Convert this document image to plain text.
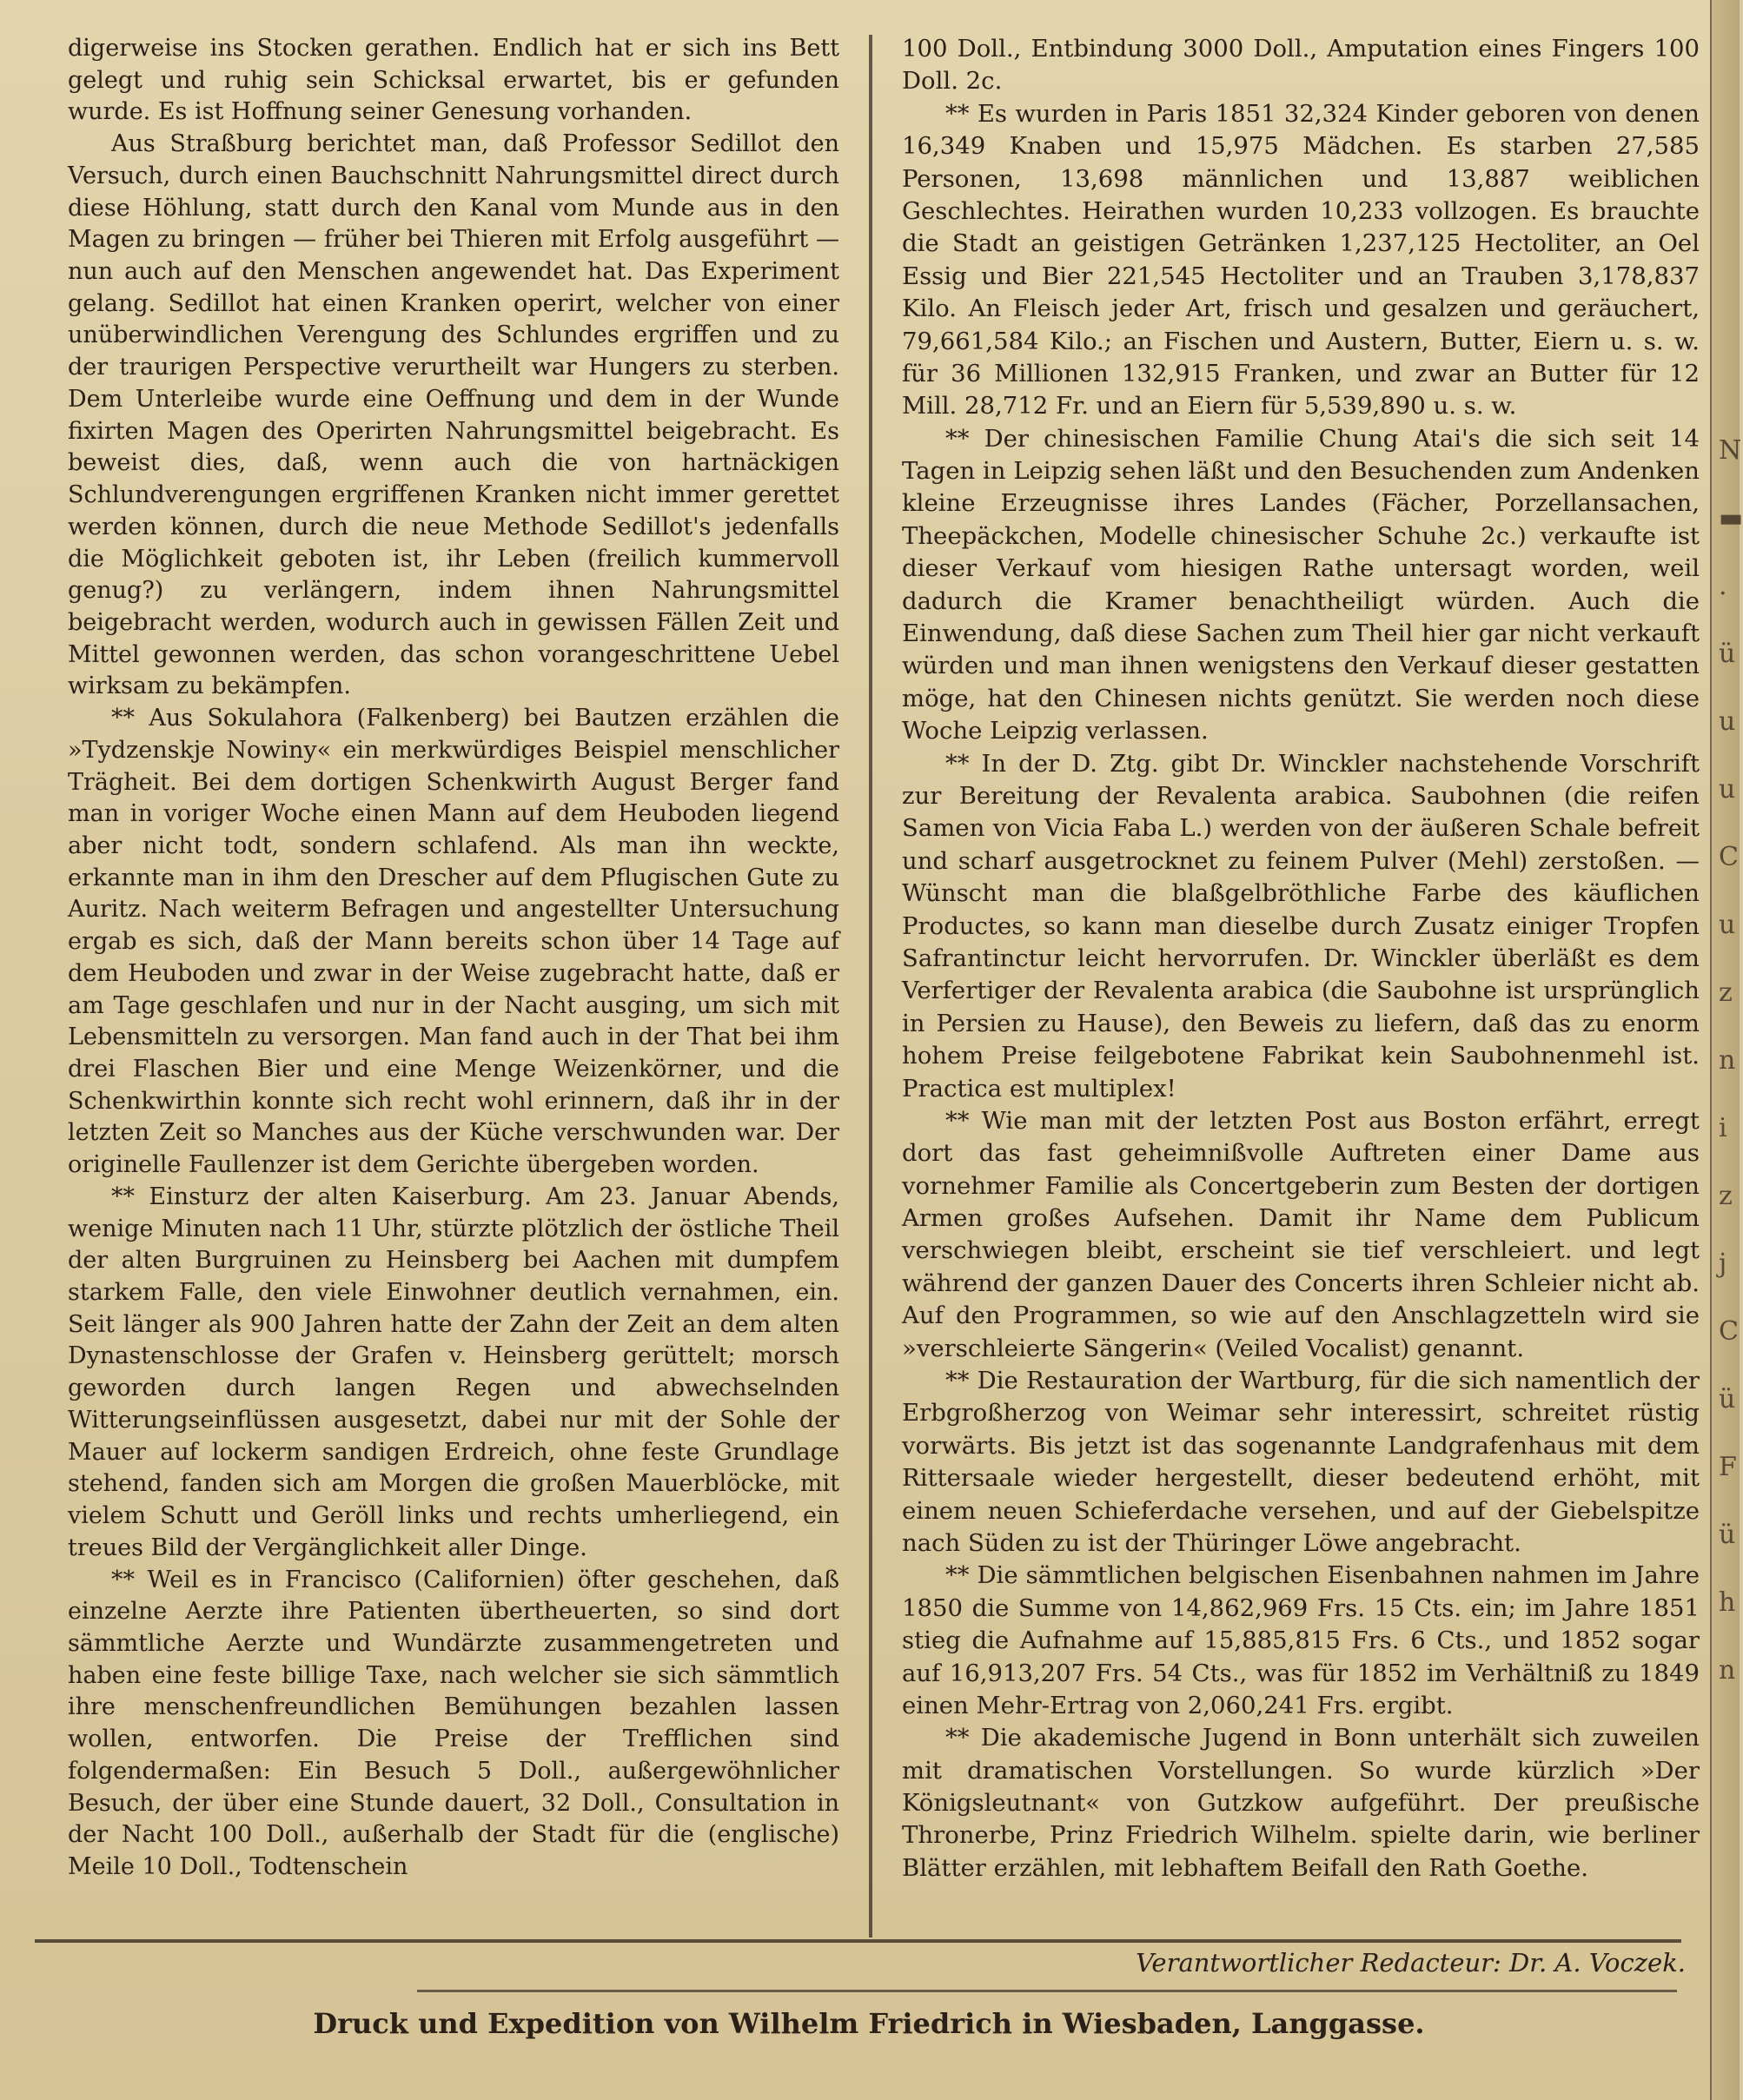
digerweise ins Stocken gerathen. Endlich hat er sich ins Bett gelegt und ruhig sein Schicksal erwartet, bis er gefunden wurde. Es ist Hoffnung seiner Genesung vorhanden.

Aus Straßburg berichtet man, daß Professor Sedillot den Versuch, durch einen Bauchschnitt Nahrungsmittel direct durch diese Höhlung, statt durch den Kanal vom Munde aus in den Magen zu bringen — früher bei Thieren mit Erfolg ausgeführt — nun auch auf den Menschen angewendet hat. Das Experiment gelang. Sedillot hat einen Kranken operirt, welcher von einer unüberwindlichen Verengung des Schlundes ergriffen und zu der traurigen Perspective verurtheilt war Hungers zu sterben. Dem Unterleibe wurde eine Oeffnung und dem in der Wunde fixirten Magen des Operirten Nahrungsmittel beigebracht. Es beweist dies, daß, wenn auch die von hartnäckigen Schlundverengungen ergriffenen Kranken nicht immer gerettet werden können, durch die neue Methode Sedillot's jedenfalls die Möglichkeit geboten ist, ihr Leben (freilich kummervoll genug?) zu verlängern, indem ihnen Nahrungsmittel beigebracht werden, wodurch auch in gewissen Fällen Zeit und Mittel gewonnen werden, das schon vorangeschrittene Uebel wirksam zu bekämpfen.

** Aus Sokulahora (Falkenberg) bei Bautzen erzählen die »Tydzenskje Nowiny« ein merkwürdiges Beispiel menschlicher Trägheit. Bei dem dortigen Schenkwirth August Berger fand man in voriger Woche einen Mann auf dem Heuboden liegend aber nicht todt, sondern schlafend. Als man ihn weckte, erkannte man in ihm den Drescher auf dem Pflugischen Gute zu Auritz. Nach weiterm Befragen und angestellter Untersuchung ergab es sich, daß der Mann bereits schon über 14 Tage auf dem Heuboden und zwar in der Weise zugebracht hatte, daß er am Tage geschlafen und nur in der Nacht ausging, um sich mit Lebensmitteln zu versorgen. Man fand auch in der That bei ihm drei Flaschen Bier und eine Menge Weizenkörner, und die Schenkwirthin konnte sich recht wohl erinnern, daß ihr in der letzten Zeit so Manches aus der Küche verschwunden war. Der originelle Faullenzer ist dem Gerichte übergeben worden.

** Einsturz der alten Kaiserburg. Am 23. Januar Abends, wenige Minuten nach 11 Uhr, stürzte plötzlich der östliche Theil der alten Burgruinen zu Heinsberg bei Aachen mit dumpfem starkem Falle, den viele Einwohner deutlich vernahmen, ein. Seit länger als 900 Jahren hatte der Zahn der Zeit an dem alten Dynastenschlosse der Grafen v. Heinsberg gerüttelt; morsch geworden durch langen Regen und abwechselnden Witterungseinflüssen ausgesetzt, dabei nur mit der Sohle der Mauer auf lockerm sandigen Erdreich, ohne feste Grundlage stehend, fanden sich am Morgen die großen Mauerblöcke, mit vielem Schutt und Geröll links und rechts umherliegend, ein treues Bild der Vergänglichkeit aller Dinge.

** Weil es in Francisco (Californien) öfter geschehen, daß einzelne Aerzte ihre Patienten übertheuerten, so sind dort sämmtliche Aerzte und Wundärzte zusammengetreten und haben eine feste billige Taxe, nach welcher sie sich sämmtlich ihre menschenfreundlichen Bemühungen bezahlen lassen wollen, entworfen. Die Preise der Trefflichen sind folgendermaßen: Ein Besuch 5 Doll., außergewöhnlicher Besuch, der über eine Stunde dauert, 32 Doll., Consultation in der Nacht 100 Doll., außerhalb der Stadt für die (englische) Meile 10 Doll., Todtenschein

100 Doll., Entbindung 3000 Doll., Amputation eines Fingers 100 Doll. 2c.

** Es wurden in Paris 1851 32,324 Kinder geboren von denen 16,349 Knaben und 15,975 Mädchen. Es starben 27,585 Personen, 13,698 männlichen und 13,887 weiblichen Geschlechtes. Heirathen wurden 10,233 vollzogen. Es brauchte die Stadt an geistigen Getränken 1,237,125 Hectoliter, an Oel Essig und Bier 221,545 Hectoliter und an Trauben 3,178,837 Kilo. An Fleisch jeder Art, frisch und gesalzen und geräuchert, 79,661,584 Kilo.; an Fischen und Austern, Butter, Eiern u. s. w. für 36 Millionen 132,915 Franken, und zwar an Butter für 12 Mill. 28,712 Fr. und an Eiern für 5,539,890 u. s. w.

** Der chinesischen Familie Chung Atai's die sich seit 14 Tagen in Leipzig sehen läßt und den Besuchenden zum Andenken kleine Erzeugnisse ihres Landes (Fächer, Porzellansachen, Theepäckchen, Modelle chinesischer Schuhe 2c.) verkaufte ist dieser Verkauf vom hiesigen Rathe untersagt worden, weil dadurch die Kramer benachtheiligt würden. Auch die Einwendung, daß diese Sachen zum Theil hier gar nicht verkauft würden und man ihnen wenigstens den Verkauf dieser gestatten möge, hat den Chinesen nichts genützt. Sie werden noch diese Woche Leipzig verlassen.

** In der D. Ztg. gibt Dr. Winckler nachstehende Vorschrift zur Bereitung der Revalenta arabica. Saubohnen (die reifen Samen von Vicia Faba L.) werden von der äußeren Schale befreit und scharf ausgetrocknet zu feinem Pulver (Mehl) zerstoßen. — Wünscht man die blaßgelbröthliche Farbe des käuflichen Productes, so kann man dieselbe durch Zusatz einiger Tropfen Safrantinctur leicht hervorrufen. Dr. Winckler überläßt es dem Verfertiger der Revalenta arabica (die Saubohne ist ursprünglich in Persien zu Hause), den Beweis zu liefern, daß das zu enorm hohem Preise feilgebotene Fabrikat kein Saubohnenmehl ist. Practica est multiplex!

** Wie man mit der letzten Post aus Boston erfährt, erregt dort das fast geheimnißvolle Auftreten einer Dame aus vornehmer Familie als Concertgeberin zum Besten der dortigen Armen großes Aufsehen. Damit ihr Name dem Publicum verschwiegen bleibt, erscheint sie tief verschleiert. und legt während der ganzen Dauer des Concerts ihren Schleier nicht ab. Auf den Programmen, so wie auf den Anschlagzetteln wird sie »verschleierte Sängerin« (Veiled Vocalist) genannt.

** Die Restauration der Wartburg, für die sich namentlich der Erbgroßherzog von Weimar sehr interessirt, schreitet rüstig vorwärts. Bis jetzt ist das sogenannte Landgrafenhaus mit dem Rittersaale wieder hergestellt, dieser bedeutend erhöht, mit einem neuen Schieferdache versehen, und auf der Giebelspitze nach Süden zu ist der Thüringer Löwe angebracht.

** Die sämmtlichen belgischen Eisenbahnen nahmen im Jahre 1850 die Summe von 14,862,969 Frs. 15 Cts. ein; im Jahre 1851 stieg die Aufnahme auf 15,885,815 Frs. 6 Cts., und 1852 sogar auf 16,913,207 Frs. 54 Cts., was für 1852 im Verhältniß zu 1849 einen Mehr-Ertrag von 2,060,241 Frs. ergibt.

** Die akademische Jugend in Bonn unterhält sich zuweilen mit dramatischen Vorstellungen. So wurde kürzlich »Der Königsleutnant« von Gutzkow aufgeführt. Der preußische Thronerbe, Prinz Friedrich Wilhelm. spielte darin, wie berliner Blätter erzählen, mit lebhaftem Beifall den Rath Goethe.

Verantwortlicher Redacteur: Dr. A. Voczek.
Druck und Expedition von Wilhelm Friedrich in Wiesbaden, Langgasse.
N ▬ . ü u u C u z n i z j C ü F ü h n
